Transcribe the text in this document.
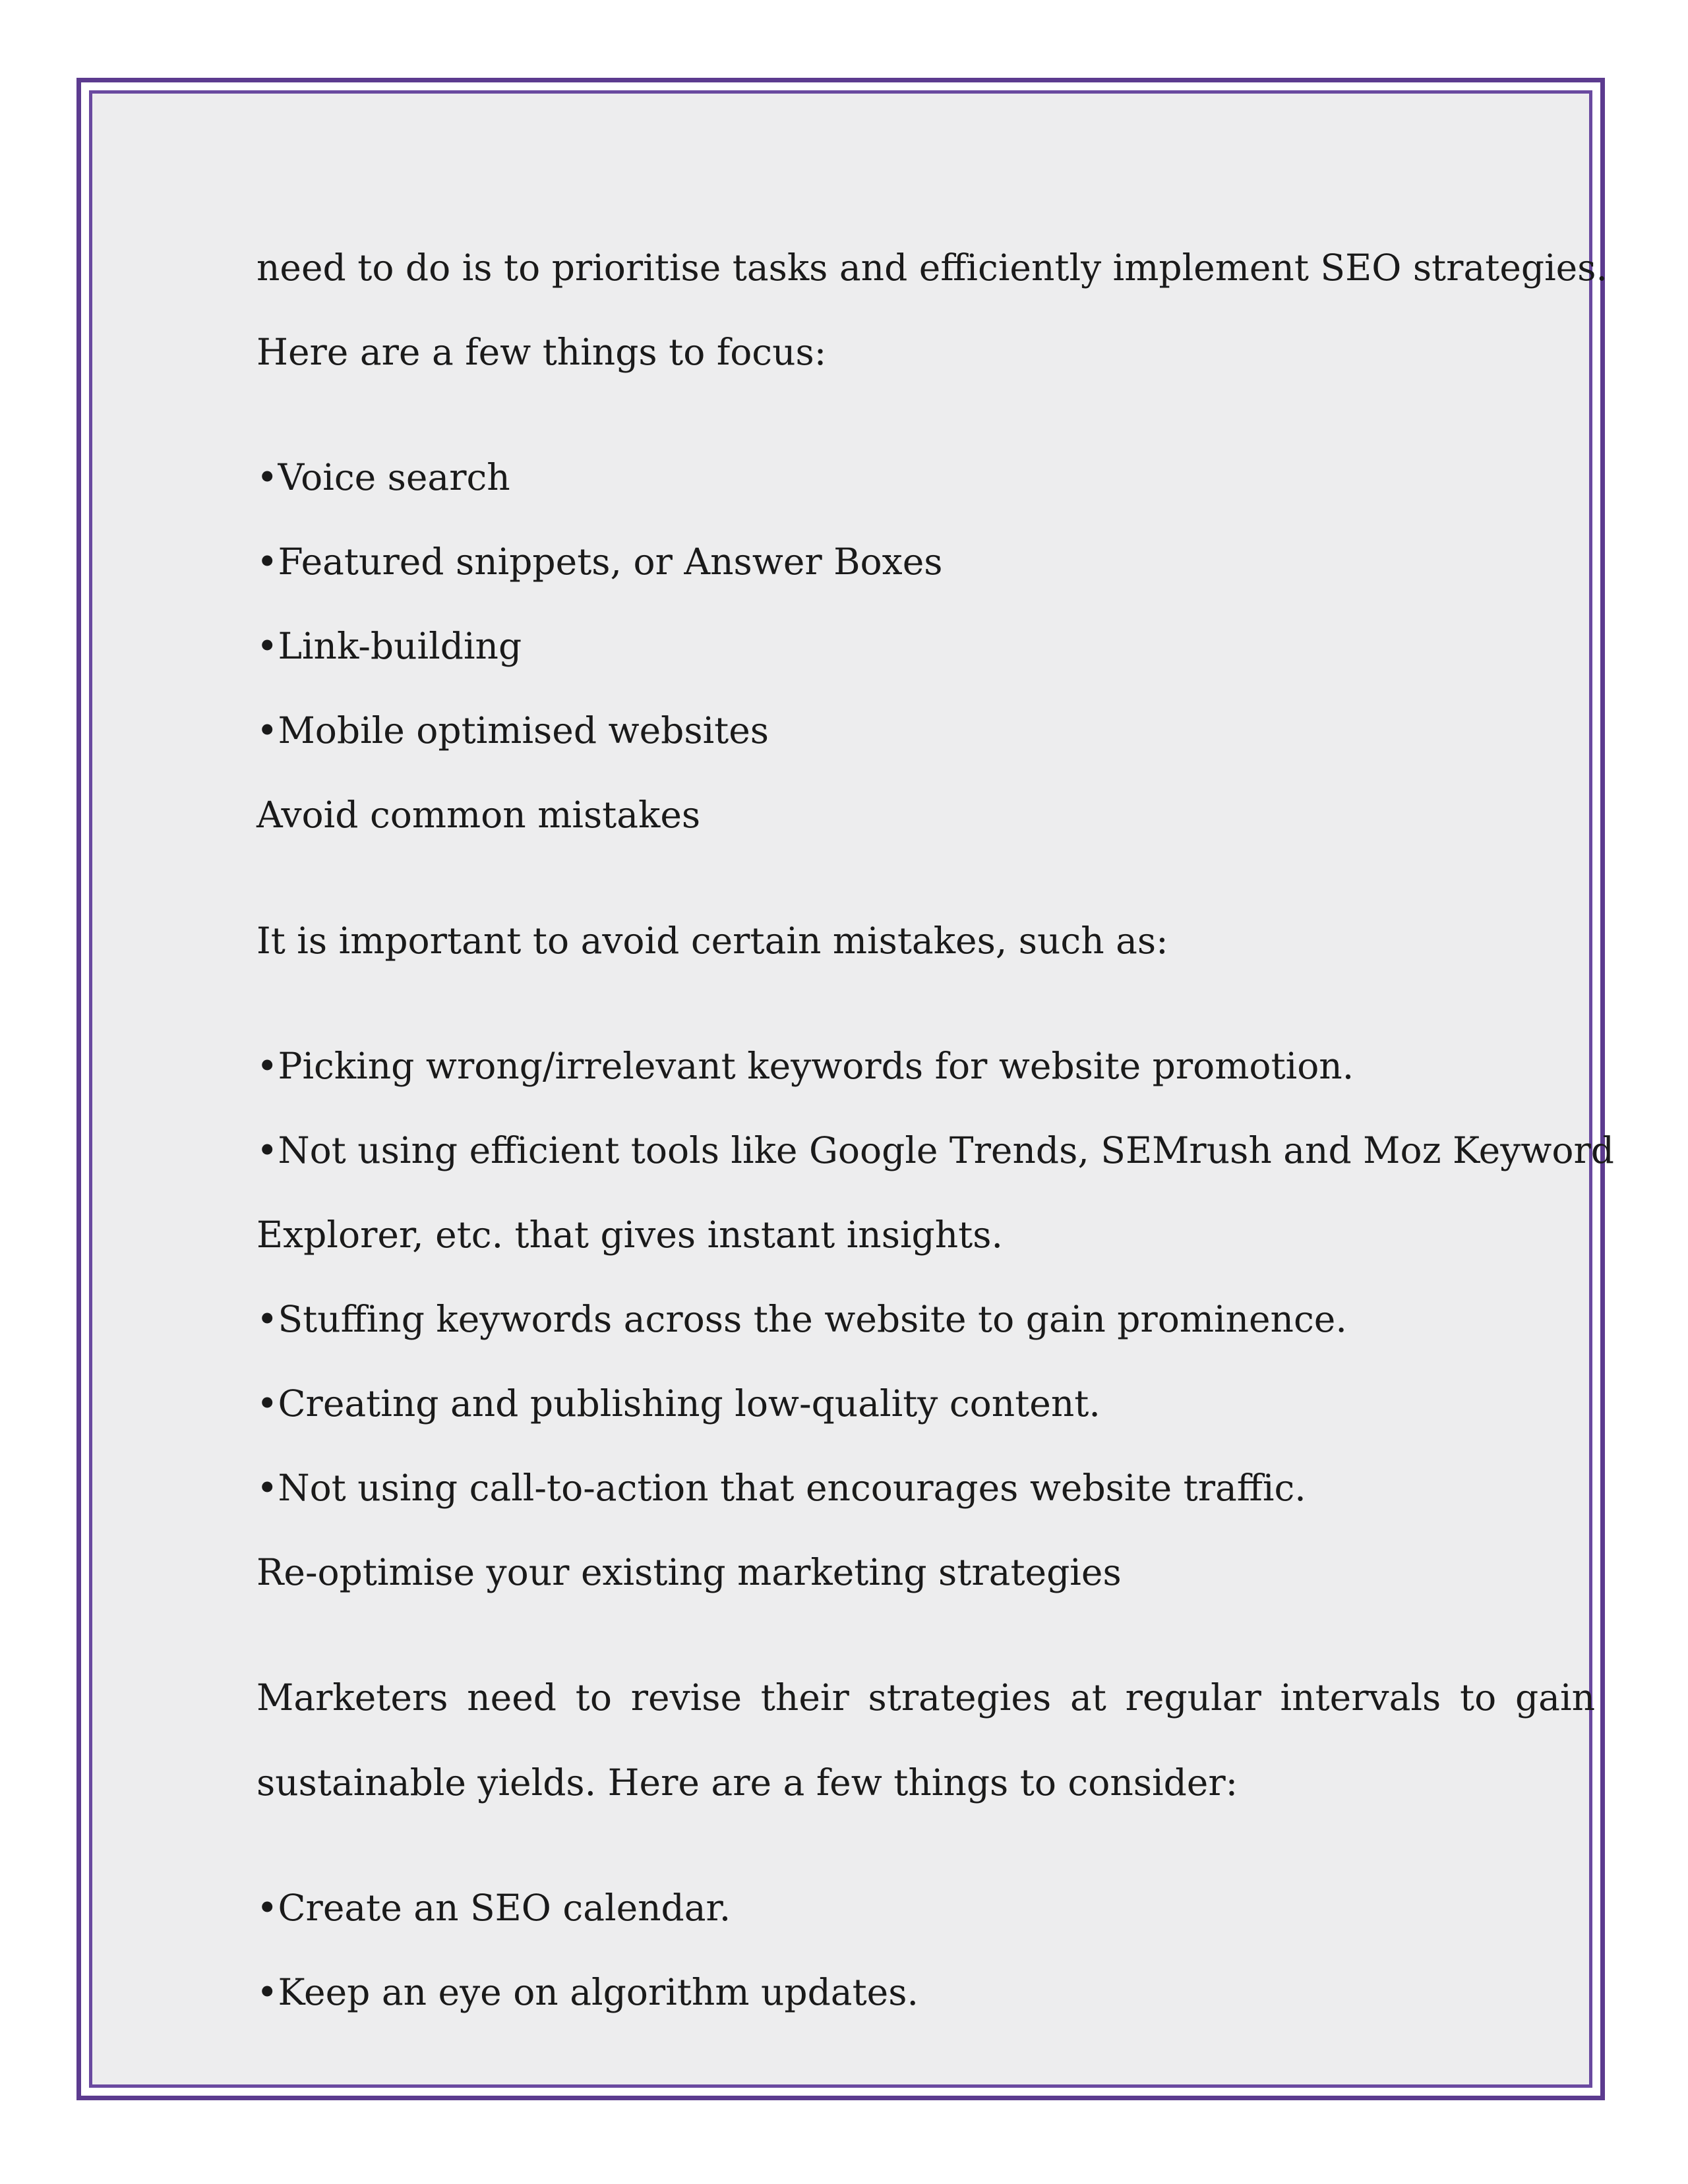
need to do is to prioritise tasks and efficiently implement SEO strategies.
Here are a few things to focus:
•Voice search
•Featured snippets, or Answer Boxes
•Link-building
•Mobile optimised websites
Avoid common mistakes
It is important to avoid certain mistakes, such as:
•Picking wrong/irrelevant keywords for website promotion.
•Not using efficient tools like Google Trends, SEMrush and Moz Keyword
Explorer, etc. that gives instant insights.
•Stuffing keywords across the website to gain prominence.
•Creating and publishing low-quality content.
•Not using call-to-action that encourages website traffic.
Re-optimise your existing marketing strategies
Marketers need to revise their strategies at regular intervals to gain
sustainable yields. Here are a few things to consider:
•Create an SEO calendar.
•Keep an eye on algorithm updates.
